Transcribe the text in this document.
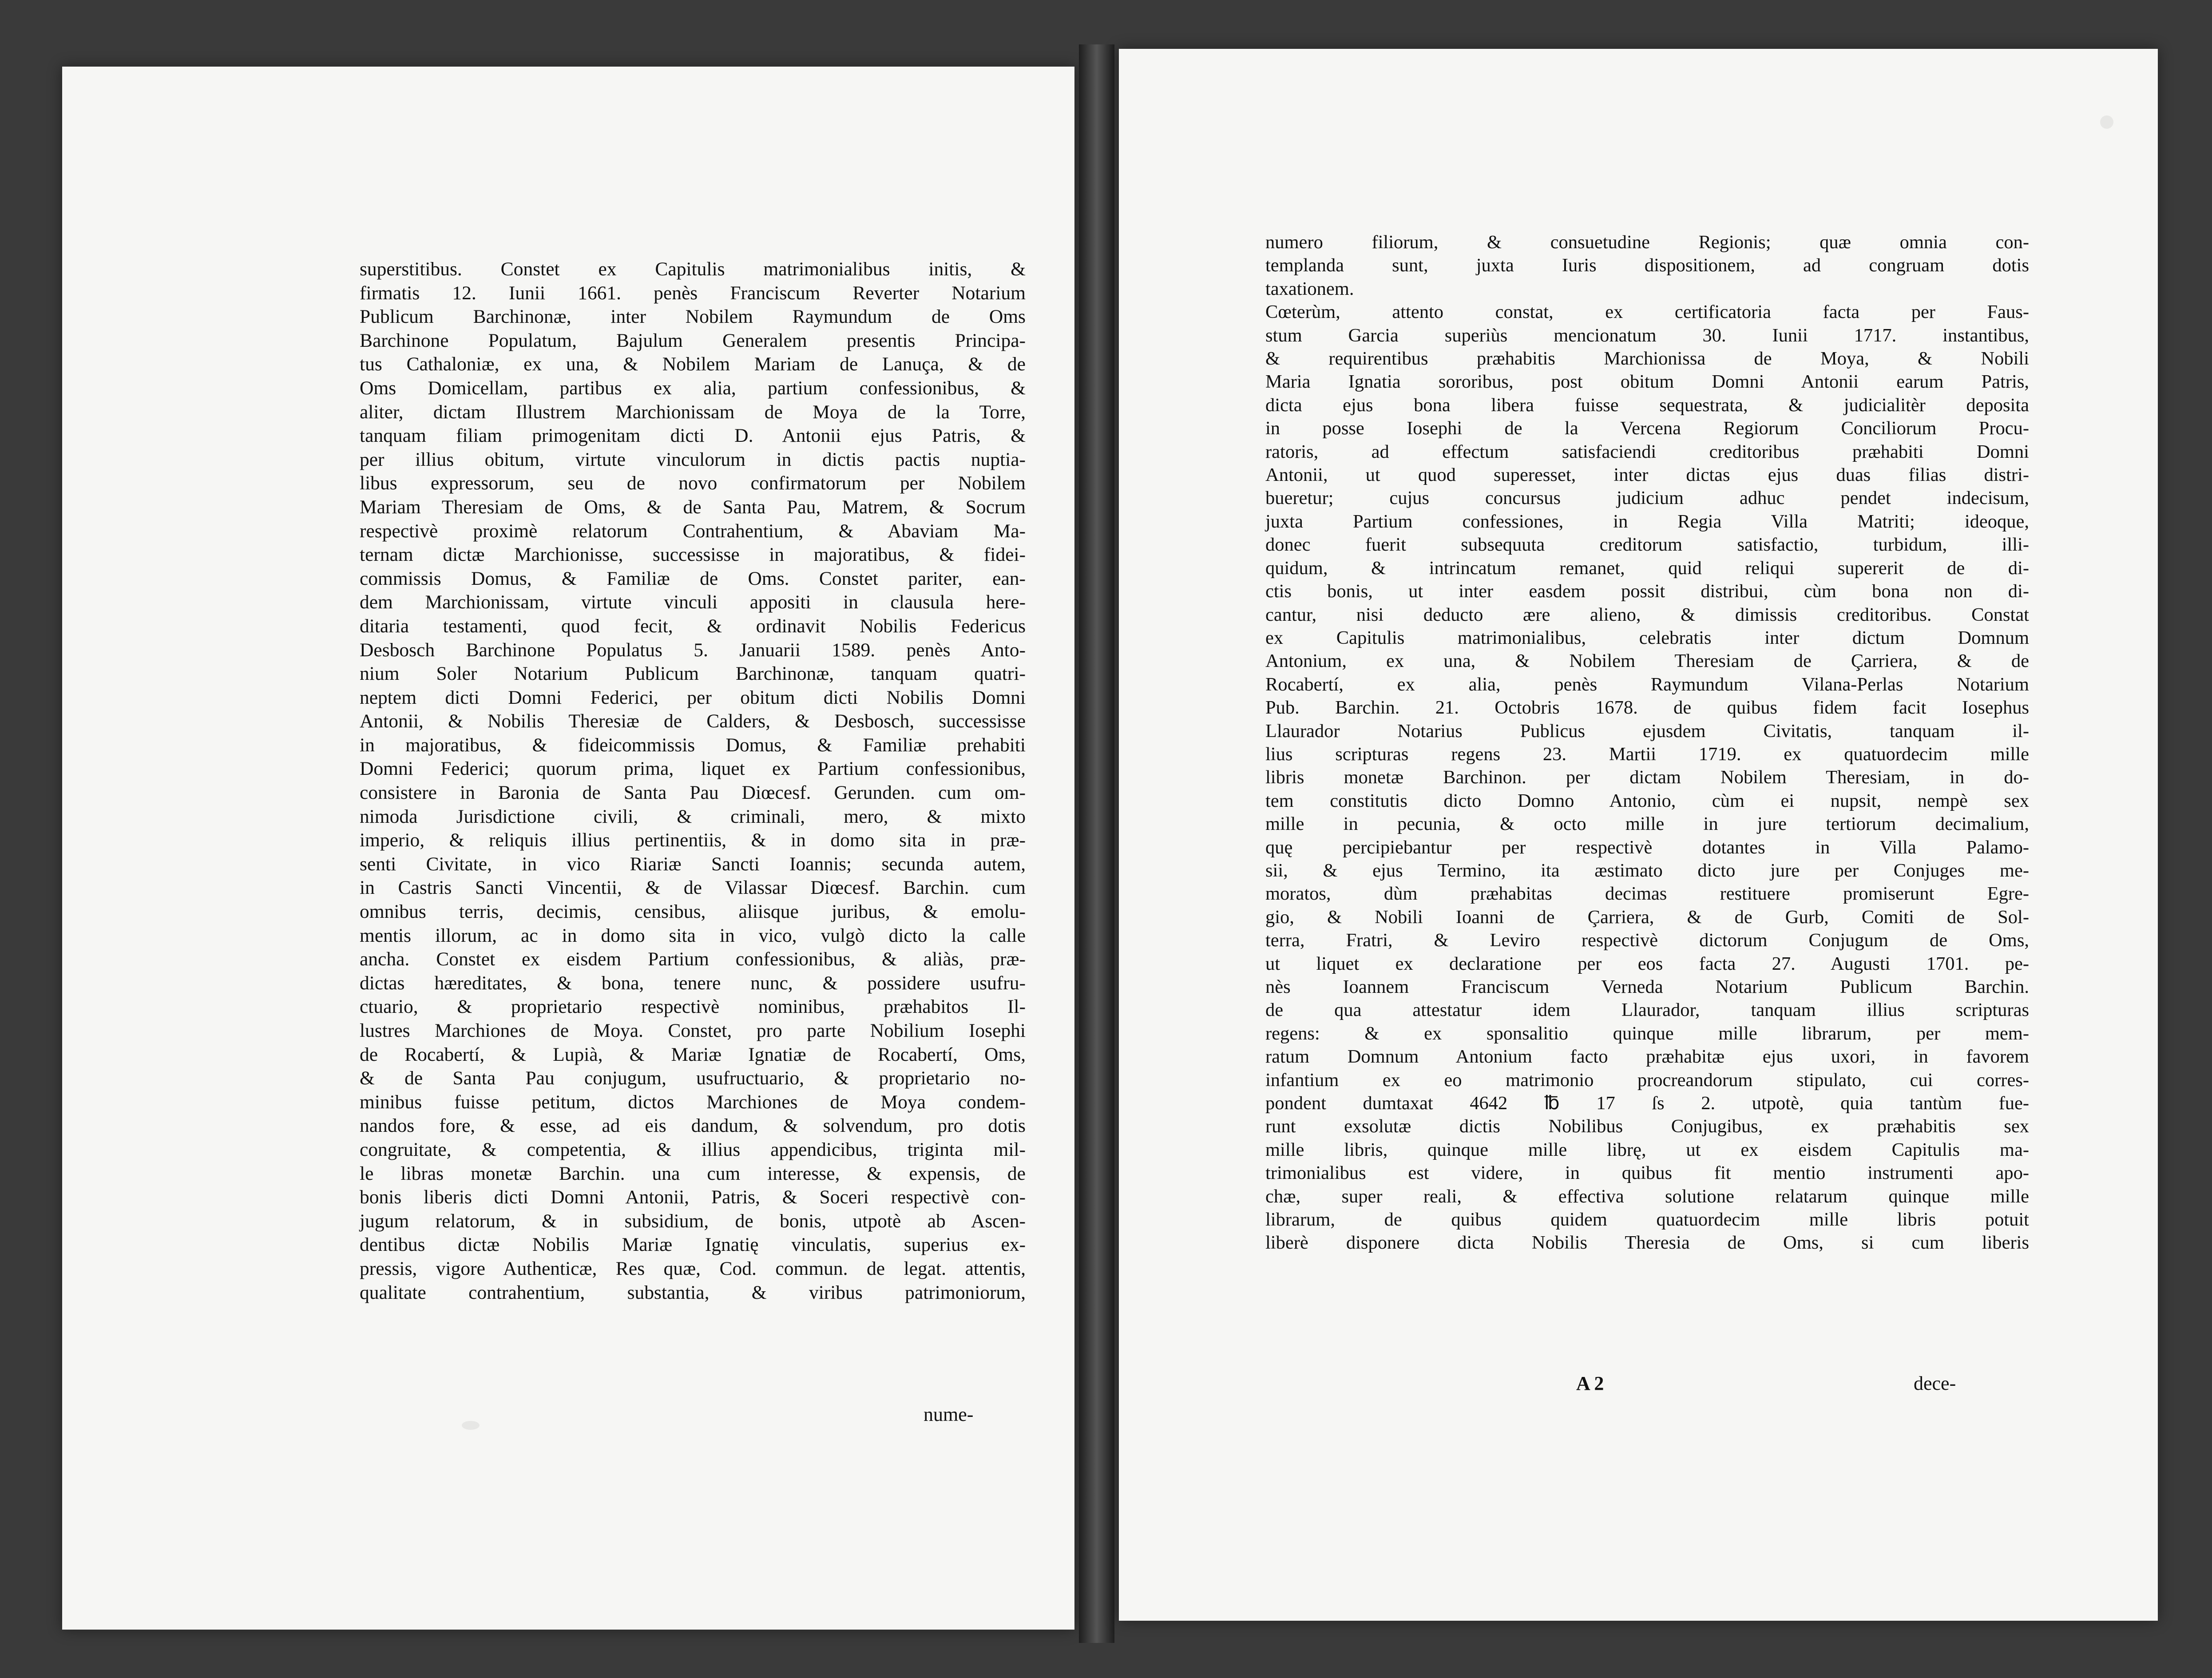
superstitibus. Constet ex Capitulis matrimonialibus initis, &
firmatis 12. Iunii 1661. penès Franciscum Reverter Notarium
Publicum Barchinonæ, inter Nobilem Raymundum de Oms
Barchinone Populatum, Bajulum Generalem presentis Principa-
tus Cathaloniæ, ex una, & Nobilem Mariam de Lanuça, & de
Oms Domicellam, partibus ex alia, partium confessionibus, &
aliter, dictam Illustrem Marchionissam de Moya de la Torre,
tanquam filiam primogenitam dicti D. Antonii ejus Patris, &
per illius obitum, virtute vinculorum in dictis pactis nuptia-
libus expressorum, seu de novo confirmatorum per Nobilem
Mariam Theresiam de Oms, & de Santa Pau, Matrem, & Socrum
respectivè proximè relatorum Contrahentium, & Abaviam Ma-
ternam dictæ Marchionisse, successisse in majoratibus, & fidei-
commissis Domus, & Familiæ de Oms. Constet pariter, ean-
dem Marchionissam, virtute vinculi appositi in clausula here-
ditaria testamenti, quod fecit, & ordinavit Nobilis Federicus
Desbosch Barchinone Populatus 5. Januarii 1589. penès Anto-
nium Soler Notarium Publicum Barchinonæ, tanquam quatri-
neptem dicti Domni Federici, per obitum dicti Nobilis Domni
Antonii, & Nobilis Theresiæ de Calders, & Desbosch, successisse
in majoratibus, & fideicommissis Domus, & Familiæ prehabiti
Domni Federici; quorum prima, liquet ex Partium confessionibus,
consistere in Baronia de Santa Pau Diœcesf. Gerunden. cum om-
nimoda Jurisdictione civili, & criminali, mero, & mixto
imperio, & reliquis illius pertinentiis, & in domo sita in præ-
senti Civitate, in vico Riariæ Sancti Ioannis; secunda autem,
in Castris Sancti Vincentii, & de Vilassar Diœcesf. Barchin. cum
omnibus terris, decimis, censibus, aliisque juribus, & emolu-
mentis illorum, ac in domo sita in vico, vulgò dicto la calle
ancha. Constet ex eisdem Partium confessionibus, & aliàs, præ-
dictas hæreditates, & bona, tenere nunc, & possidere usufru-
ctuario, & proprietario respectivè nominibus, præhabitos Il-
lustres Marchiones de Moya. Constet, pro parte Nobilium Iosephi
de Rocabertí, & Lupià, & Mariæ Ignatiæ de Rocabertí, Oms,
& de Santa Pau conjugum, usufructuario, & proprietario no-
minibus fuisse petitum, dictos Marchiones de Moya condem-
nandos fore, & esse, ad eis dandum, & solvendum, pro dotis
congruitate, & competentia, & illius appendicibus, triginta mil-
le libras monetæ Barchin. una cum interesse, & expensis, de
bonis liberis dicti Domni Antonii, Patris, & Soceri respectivè con-
jugum relatorum, & in subsidium, de bonis, utpotè ab Ascen-
dentibus dictæ Nobilis Mariæ Ignatię vinculatis, superius ex-
pressis, vigore Authenticæ, Res quæ, Cod. commun. de legat. attentis,
qualitate contrahentium, substantia, & viribus patrimoniorum,
nume-
numero filiorum, & consuetudine Regionis; quæ omnia con-
templanda sunt, juxta Iuris dispositionem, ad congruam dotis
taxationem.
Cœterùm, attento constat, ex certificatoria facta per Faus-
stum Garcia superiùs mencionatum 30. Iunii 1717. instantibus,
& requirentibus præhabitis Marchionissa de Moya, & Nobili
Maria Ignatia sororibus, post obitum Domni Antonii earum Patris,
dicta ejus bona libera fuisse sequestrata, & judicialitèr deposita
in posse Iosephi de la Vercena Regiorum Conciliorum Procu-
ratoris, ad effectum satisfaciendi creditoribus præhabiti Domni
Antonii, ut quod superesset, inter dictas ejus duas filias distri-
bueretur; cujus concursus judicium adhuc pendet indecisum,
juxta Partium confessiones, in Regia Villa Matriti; ideoque,
donec fuerit subsequuta creditorum satisfactio, turbidum, illi-
quidum, & intrincatum remanet, quid reliqui supererit de di-
ctis bonis, ut inter easdem possit distribui, cùm bona non di-
cantur, nisi deducto ære alieno, & dimissis creditoribus. Constat
ex Capitulis matrimonialibus, celebratis inter dictum Domnum
Antonium, ex una, & Nobilem Theresiam de Çarriera, & de
Rocabertí, ex alia, penès Raymundum Vilana-Perlas Notarium
Pub. Barchin. 21. Octobris 1678. de quibus fidem facit Iosephus
Llaurador Notarius Publicus ejusdem Civitatis, tanquam il-
lius scripturas regens 23. Martii 1719. ex quatuordecim mille
libris monetæ Barchinon. per dictam Nobilem Theresiam, in do-
tem constitutis dicto Domno Antonio, cùm ei nupsit, nempè sex
mille in pecunia, & octo mille in jure tertiorum decimalium,
quę percipiebantur per respectivè dotantes in Villa Palamo-
sii, & ejus Termino, ita æstimato dicto jure per Conjuges me-
moratos, dùm præhabitas decimas restituere promiserunt Egre-
gio, & Nobili Ioanni de Çarriera, & de Gurb, Comiti de Sol-
terra, Fratri, & Leviro respectivè dictorum Conjugum de Oms,
ut liquet ex declaratione per eos facta 27. Augusti 1701. pe-
nès Ioannem Franciscum Verneda Notarium Publicum Barchin.
de qua attestatur idem Llaurador, tanquam illius scripturas
regens: & ex sponsalitio quinque mille librarum, per mem-
ratum Domnum Antonium facto præhabitæ ejus uxori, in favorem
infantium ex eo matrimonio procreandorum stipulato, cui corres-
pondent dumtaxat 4642 ℔ 17 ſs 2. utpotè, quia tantùm fue-
runt exsolutæ dictis Nobilibus Conjugibus, ex præhabitis sex
mille libris, quinque mille librę, ut ex eisdem Capitulis ma-
trimonialibus est videre, in quibus fit mentio instrumenti apo-
chæ, super reali, & effectiva solutione relatarum quinque mille
librarum, de quibus quidem quatuordecim mille libris potuit
liberè disponere dicta Nobilis Theresia de Oms, si cum liberis
A 2	dece-
